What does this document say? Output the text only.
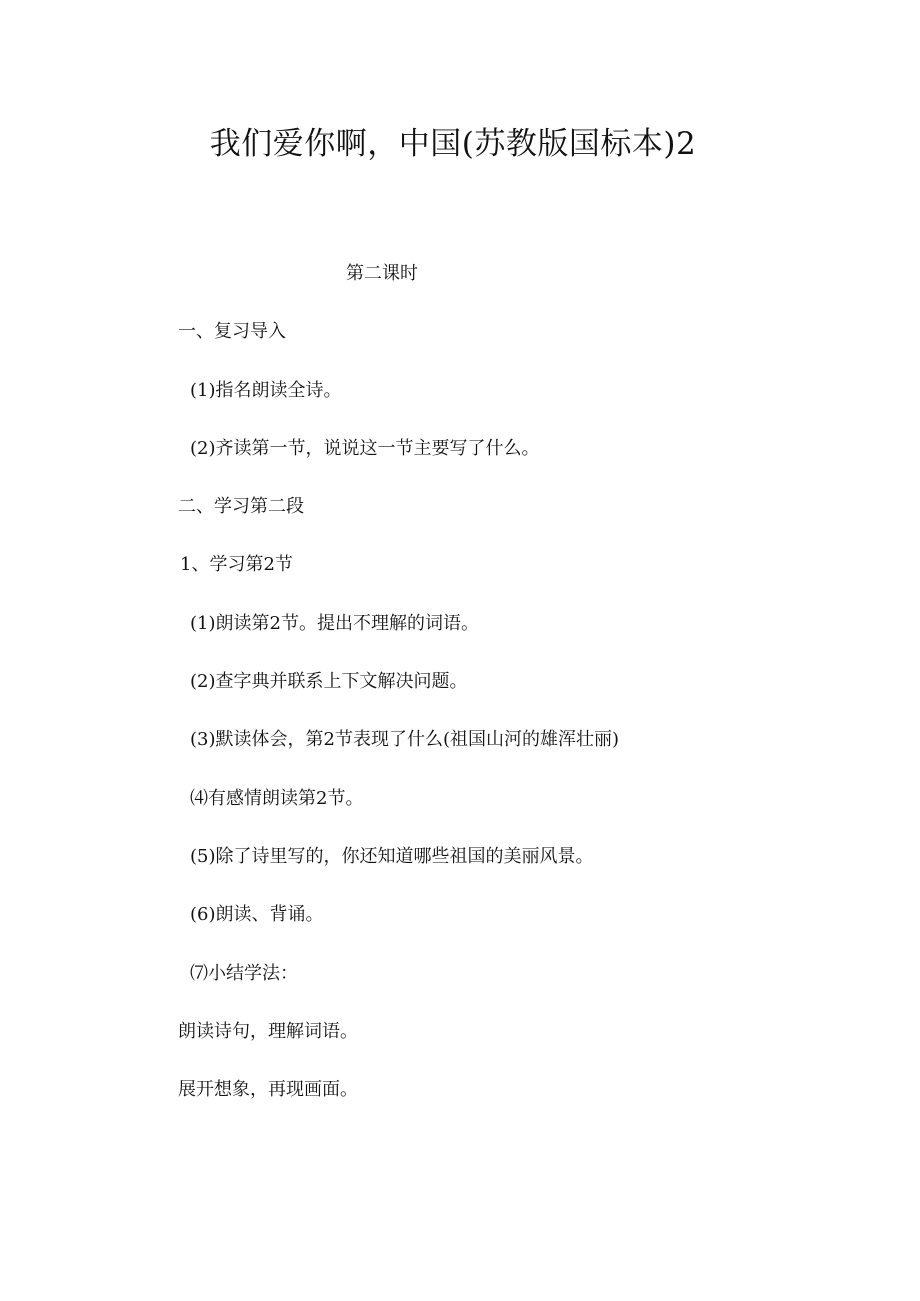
我们爱你啊，中国(苏教版国标本)2
第二课时
一、复习导入
(1)指名朗读全诗。
(2)齐读第一节，说说这一节主要写了什么。
二、学习第二段
1、学习第2节
(1)朗读第2节。提出不理解的词语。
(2)查字典并联系上下文解决问题。
(3)默读体会，第2节表现了什么(祖国山河的雄浑壮丽)
⑷有感情朗读第2节。
(5)除了诗里写的，你还知道哪些祖国的美丽风景。
(6)朗读、背诵。
⑺小结学法：
朗读诗句，理解词语。
展开想象，再现画面。
